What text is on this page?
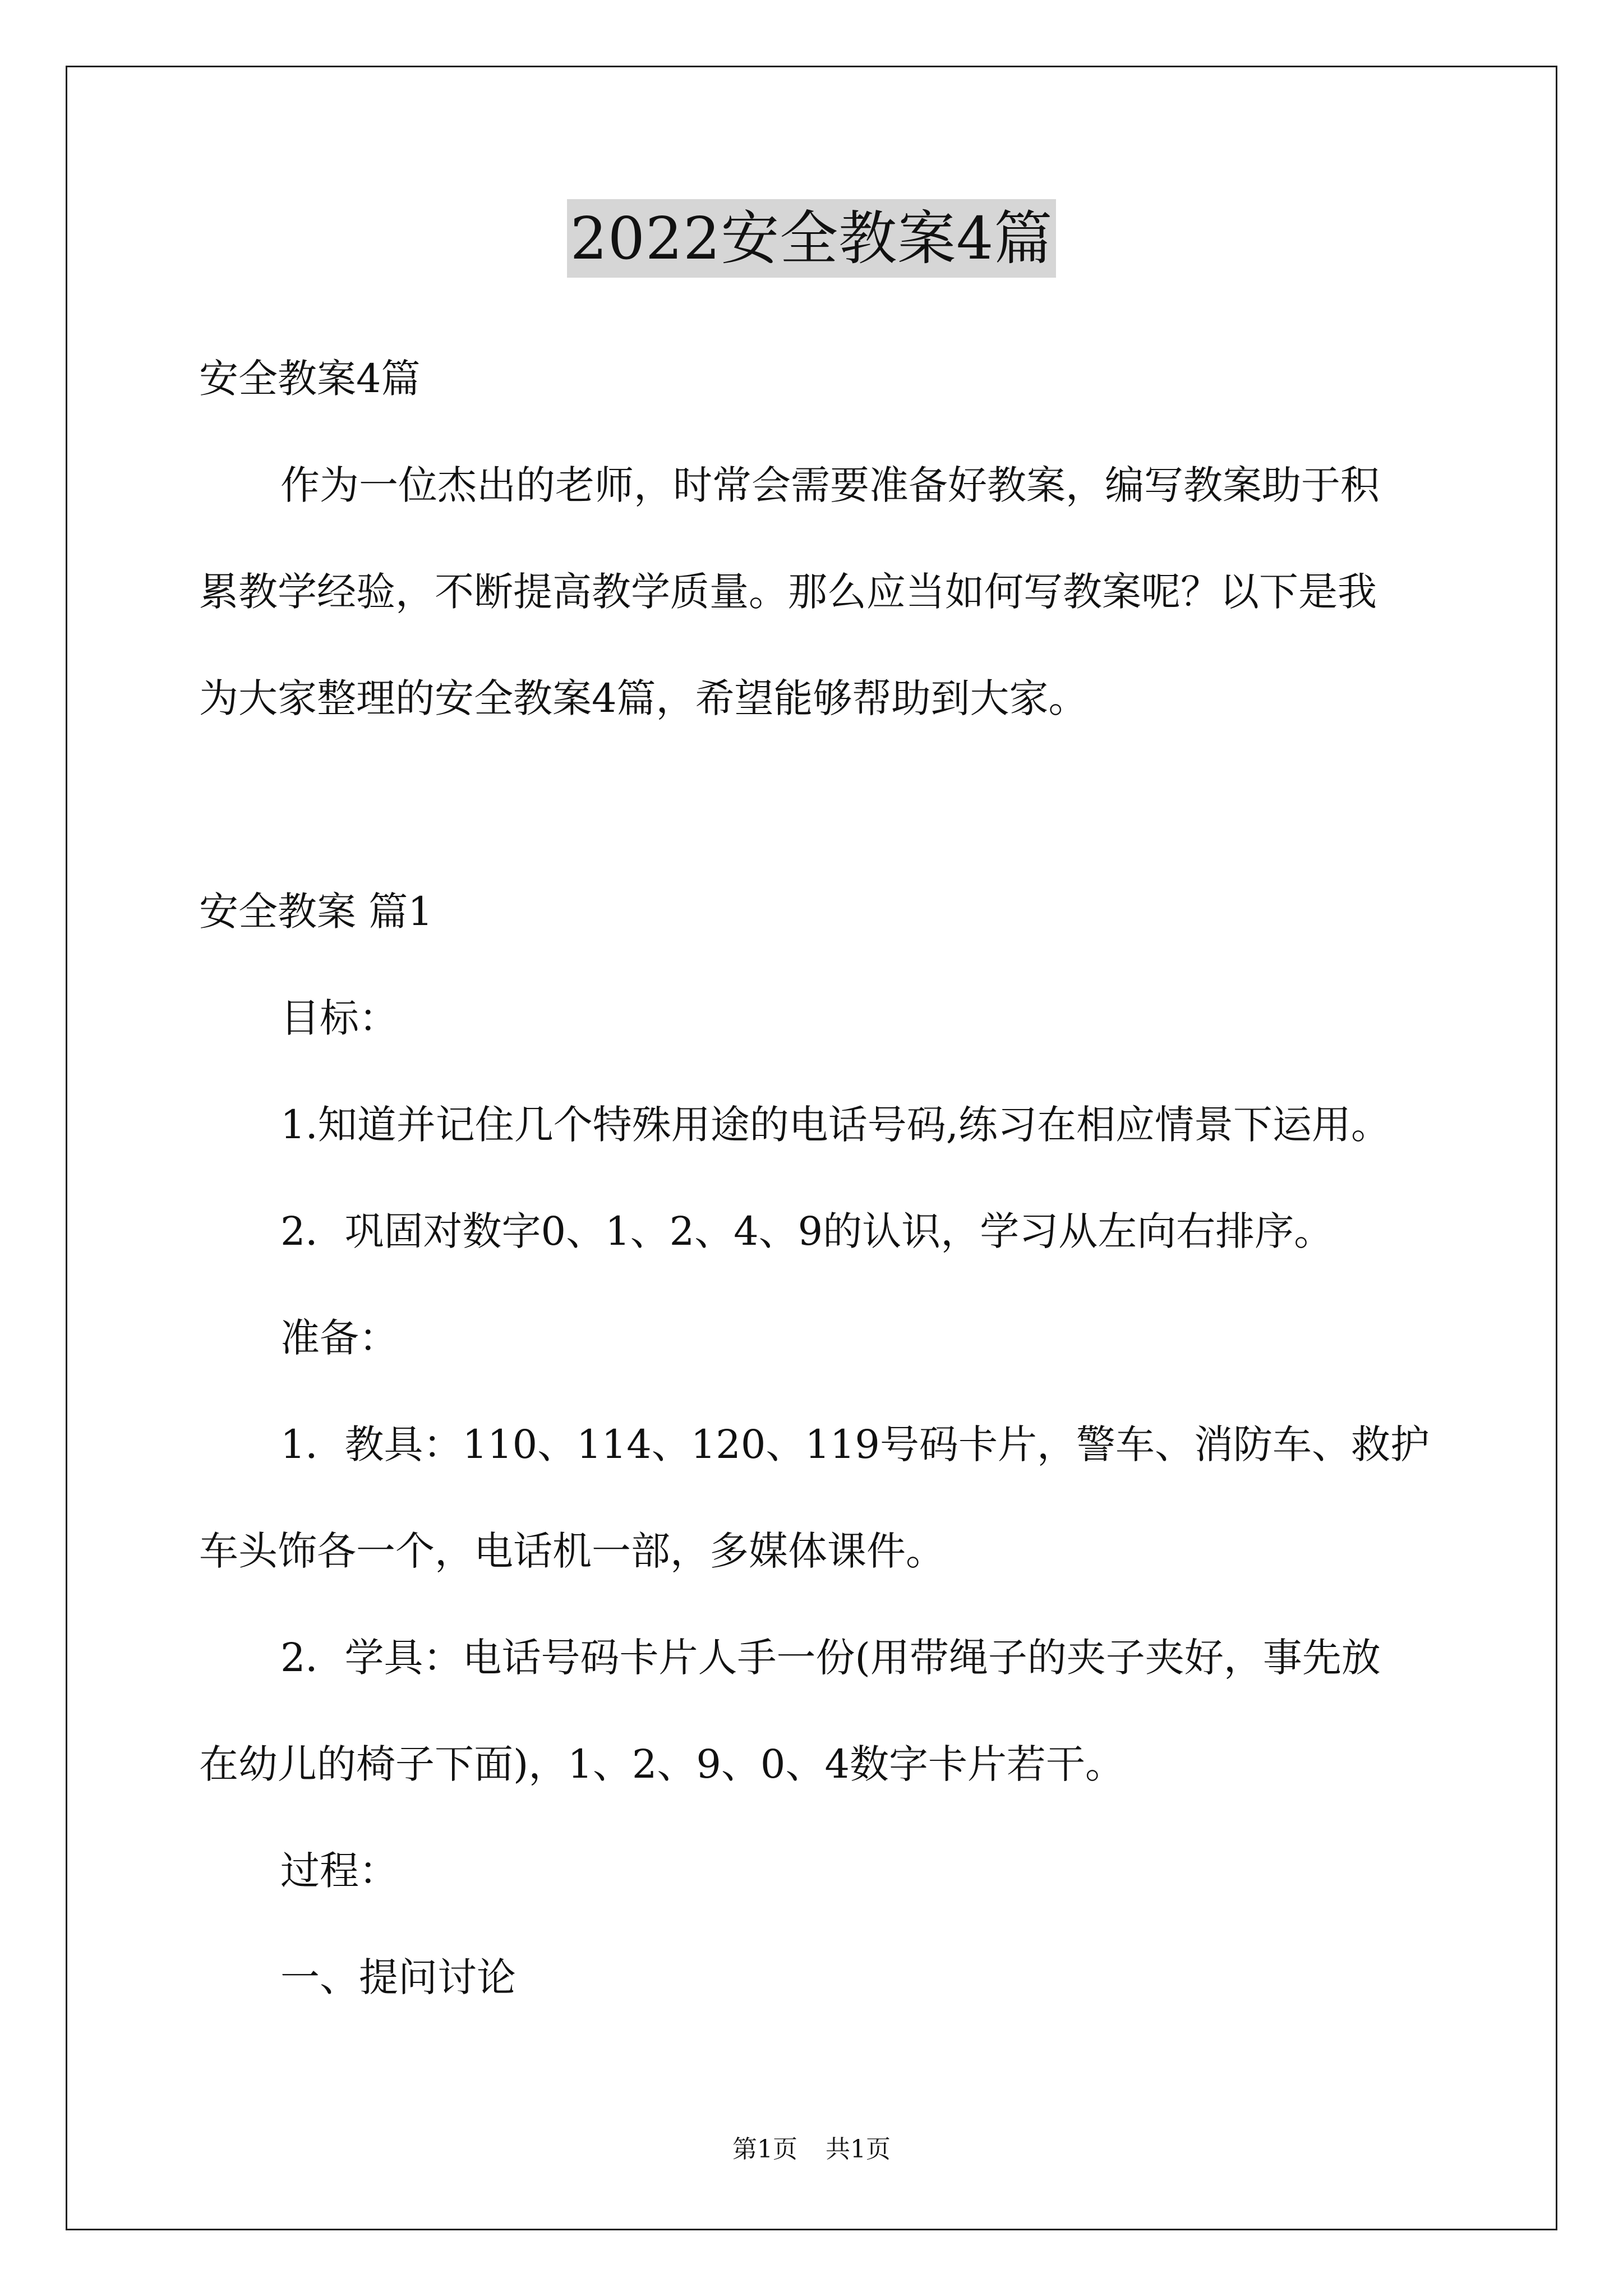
2022安全教案4篇
安全教案4篇
作为一位杰出的老师，时常会需要准备好教案，编写教案助于积
累教学经验，不断提高教学质量。那么应当如何写教案呢？以下是我
为大家整理的安全教案4篇，希望能够帮助到大家。
安全教案 篇1
目标：
1.知道并记住几个特殊用途的电话号码,练习在相应情景下运用。
2．巩固对数字0、1、2、4、9的认识，学习从左向右排序。
准备：
1．教具：110、114、120、119号码卡片，警车、消防车、救护
车头饰各一个，电话机一部，多媒体课件。
2．学具：电话号码卡片人手一份(用带绳子的夹子夹好，事先放
在幼儿的椅子下面)，1、2、9、0、4数字卡片若干。
过程：
一、提问讨论
第1页 共1页
